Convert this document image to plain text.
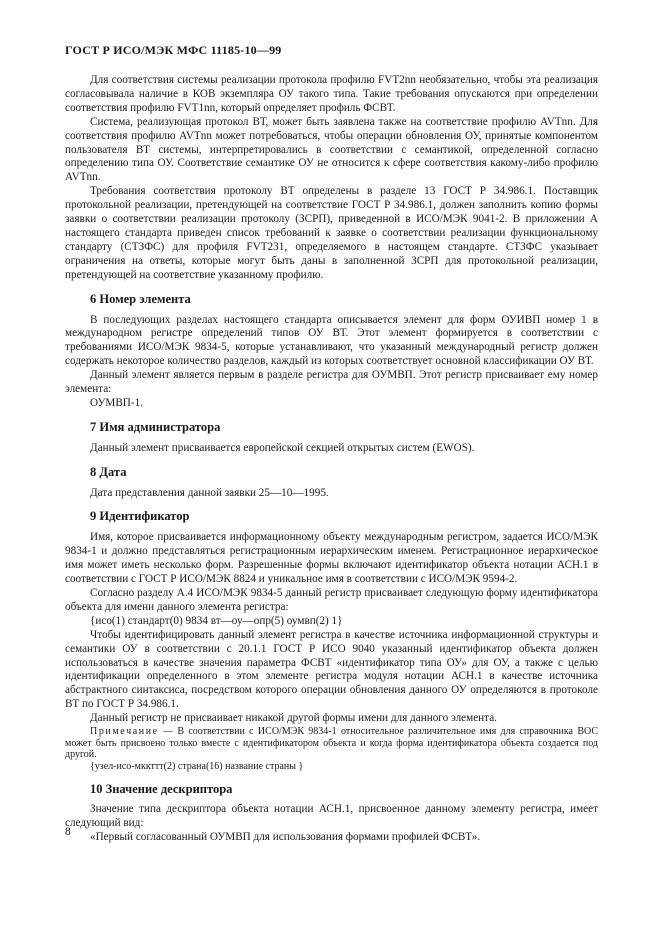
ГОСТ Р ИСО/МЭК МФС 11185-10—99

Для соответствия системы реализации протокола профилю FVT2nn необязательно, чтобы эта реализация согласовывала наличие в КОВ экземпляра ОУ такого типа. Такие требования опускаются при определении соответствия профилю FVT1nn, который определяет профиль ФСВТ.

Система, реализующая протокол ВТ, может быть заявлена также на соответствие профилю AVTnn. Для соответствия профилю AVTnn может потребоваться, чтобы операции обновления ОУ, принятые компонентом пользователя ВТ системы, интерпретировались в соответствии с семантикой, определенной согласно определению типа ОУ. Соответствие семантике ОУ не относится к сфере соответствия какому-либо профилю AVTnn.

Требования соответствия протоколу ВТ определены в разделе 13 ГОСТ Р 34.986.1. Поставщик протокольной реализации, претендующей на соответствие ГОСТ Р 34.986.1, должен заполнить копию формы заявки о соответствии реализации протоколу (ЗСРП), приведенной в ИСО/МЭК 9041-2. В приложении А настоящего стандарта приведен список требований к заявке о соответствии реализации функциональному стандарту (СТЗФС) для профиля FVT231, определяемого в настоящем стандарте. СТЗФС указывает ограничения на ответы, которые могут быть даны в заполненной ЗСРП для протокольной реализации, претендующей на соответствие указанному профилю.

6 Номер элемента

В последующих разделах настоящего стандарта описывается элемент для форм ОУИВП номер 1 в международном регистре определений типов ОУ ВТ. Этот элемент формируется в соответствии с требованиями ИСО/МЭК 9834-5, которые устанавливают, что указанный международный регистр должен содержать некоторое количество разделов, каждый из которых соответствует основной классификации ОУ ВТ.

Данный элемент является первым в разделе регистра для ОУМВП. Этот регистр присваивает ему номер элемента:

ОУМВП-1.

7 Имя администратора

Данный элемент присваивается европейской секцией открытых систем (EWOS).

8 Дата

Дата представления данной заявки 25—10—1995.

9 Идентификатор

Имя, которое присваивается информационному объекту международным регистром, задается ИСО/МЭК 9834-1 и должно представляться регистрационным иерархическим именем. Регистрационное иерархическое имя может иметь несколько форм. Разрешенные формы включают идентификатор объекта нотации АСН.1 в соответствии с ГОСТ Р ИСО/МЭК 8824 и уникальное имя в соответствии с ИСО/МЭК 9594-2.

Согласно разделу А.4 ИСО/МЭК 9834-5 данный регистр присваивает следующую форму идентификатора объекта для имени данного элемента регистра:

{исо(1) стандарт(0) 9834 вт—оу—опр(5) оумвп(2) 1}

Чтобы идентифицировать данный элемент регистра в качестве источника информационной структуры и семантики ОУ в соответствии с 20.1.1 ГОСТ Р ИСО 9040 указанный идентификатор объекта должен использоваться в качестве значения параметра ФСВТ «идентификатор типа ОУ» для ОУ, а также с целью идентификации определенного в этом элементе регистра модуля нотации АСН.1 в качестве источника абстрактного синтаксиса, посредством которого операции обновления данного ОУ определяются в протоколе ВТ по ГОСТ Р 34.986.1.

Данный регистр не присваивает никакой другой формы имени для данного элемента.

Примечание — В соответствии с ИСО/МЭК 9834-1 относительное различительное имя для справочника ВОС может быть присвоено только вместе с идентификатором объекта и когда форма идентификатора объекта создается под другой.

{узел-исо-мккттт(2) страна(16) название страны }

10 Значение дескриптора

Значение типа дескриптора объекта нотации АСН.1, присвоенное данному элементу регистра, имеет следующий вид:

«Первый согласованный ОУМВП для использования формами профилей ФСВТ».

8
